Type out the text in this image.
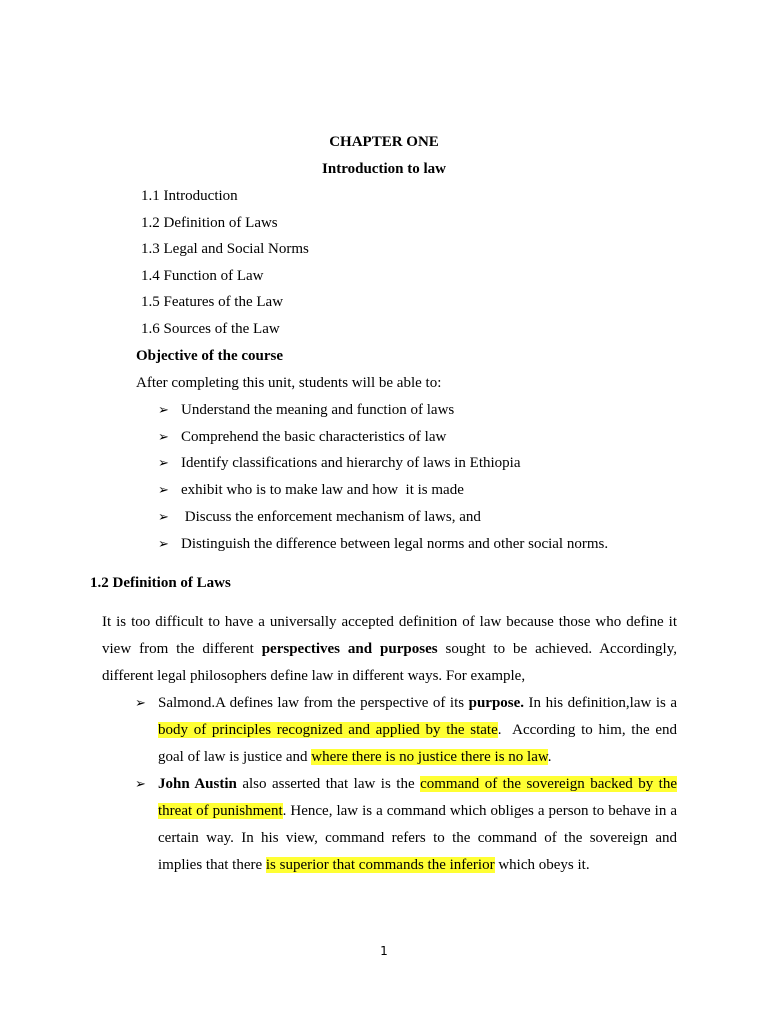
CHAPTER ONE
Introduction to law
1.1 Introduction
1.2 Definition of Laws
1.3 Legal and Social Norms
1.4 Function of Law
1.5 Features of the Law
1.6 Sources of the Law
Objective of the course
After completing this unit, students will be able to:
➢ Understand the meaning and function of laws
➢ Comprehend the basic characteristics of law
➢ Identify classifications and hierarchy of laws in Ethiopia
➢ exhibit who is to make law and how  it is made
➢ Discuss the enforcement mechanism of laws, and
➢ Distinguish the difference between legal norms and other social norms.
1.2 Definition of Laws
It is too difficult to have a universally accepted definition of law because those who define it
view from the different perspectives and purposes sought to be achieved. Accordingly,
different legal philosophers define law in different ways. For example,
➢ Salmond.A defines law from the perspective of its purpose. In his definition,law is a
body of principles recognized and applied by the state.  According to him, the end
goal of law is justice and where there is no justice there is no law.
➢ John Austin also asserted that law is the command of the sovereign backed by the
threat of punishment. Hence, law is a command which obliges a person to behave in a
certain way. In his view, command refers to the command of the sovereign and
implies that there is superior that commands the inferior which obeys it.
1
